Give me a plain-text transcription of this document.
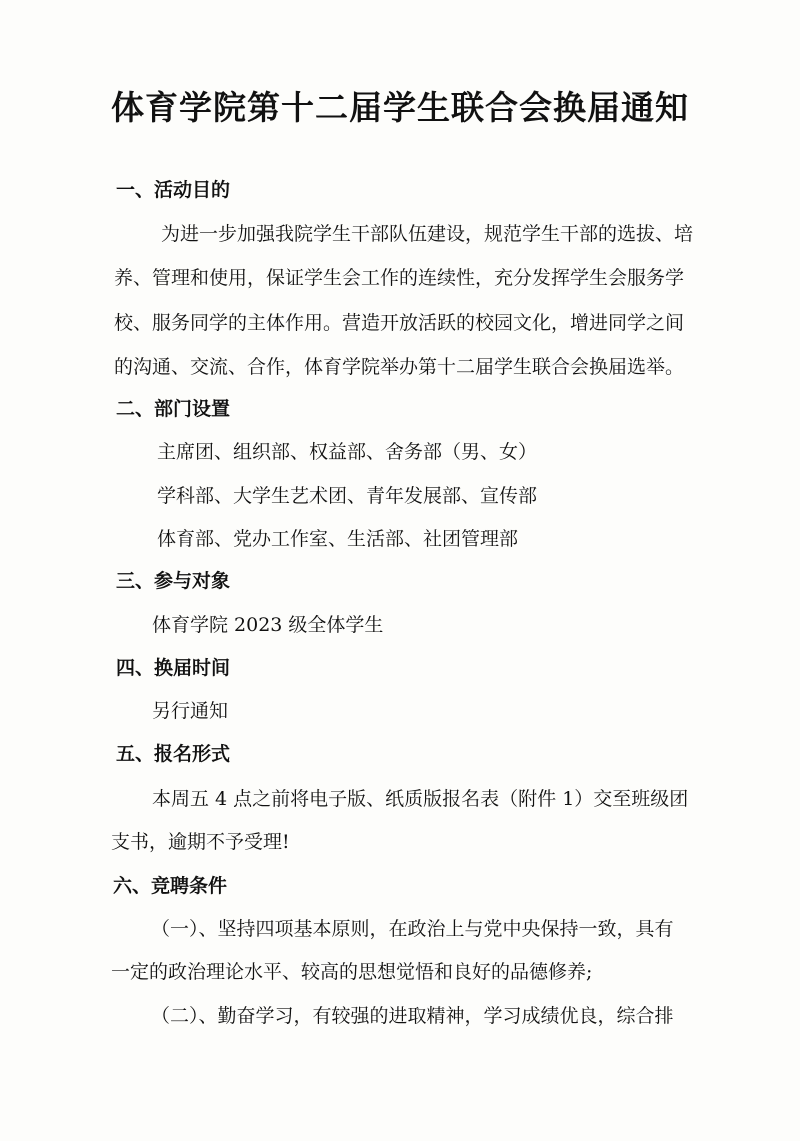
体育学院第十二届学生联合会换届通知
一、活动目的
为进一步加强我院学生干部队伍建设，规范学生干部的选拔、培
养、管理和使用，保证学生会工作的连续性，充分发挥学生会服务学
校、服务同学的主体作用。营造开放活跃的校园文化，增进同学之间
的沟通、交流、合作，体育学院举办第十二届学生联合会换届选举。
二、部门设置
主席团、组织部、权益部、舍务部（男、女）
学科部、大学生艺术团、青年发展部、宣传部
体育部、党办工作室、生活部、社团管理部
三、参与对象
体育学院 2023 级全体学生
四、换届时间
另行通知
五、报名形式
本周五 4 点之前将电子版、纸质版报名表（附件 1）交至班级团
支书，逾期不予受理!
六、竞聘条件
（一）、坚持四项基本原则，在政治上与党中央保持一致，具有
一定的政治理论水平、较高的思想觉悟和良好的品德修养;
（二）、勤奋学习，有较强的进取精神，学习成绩优良，综合排
